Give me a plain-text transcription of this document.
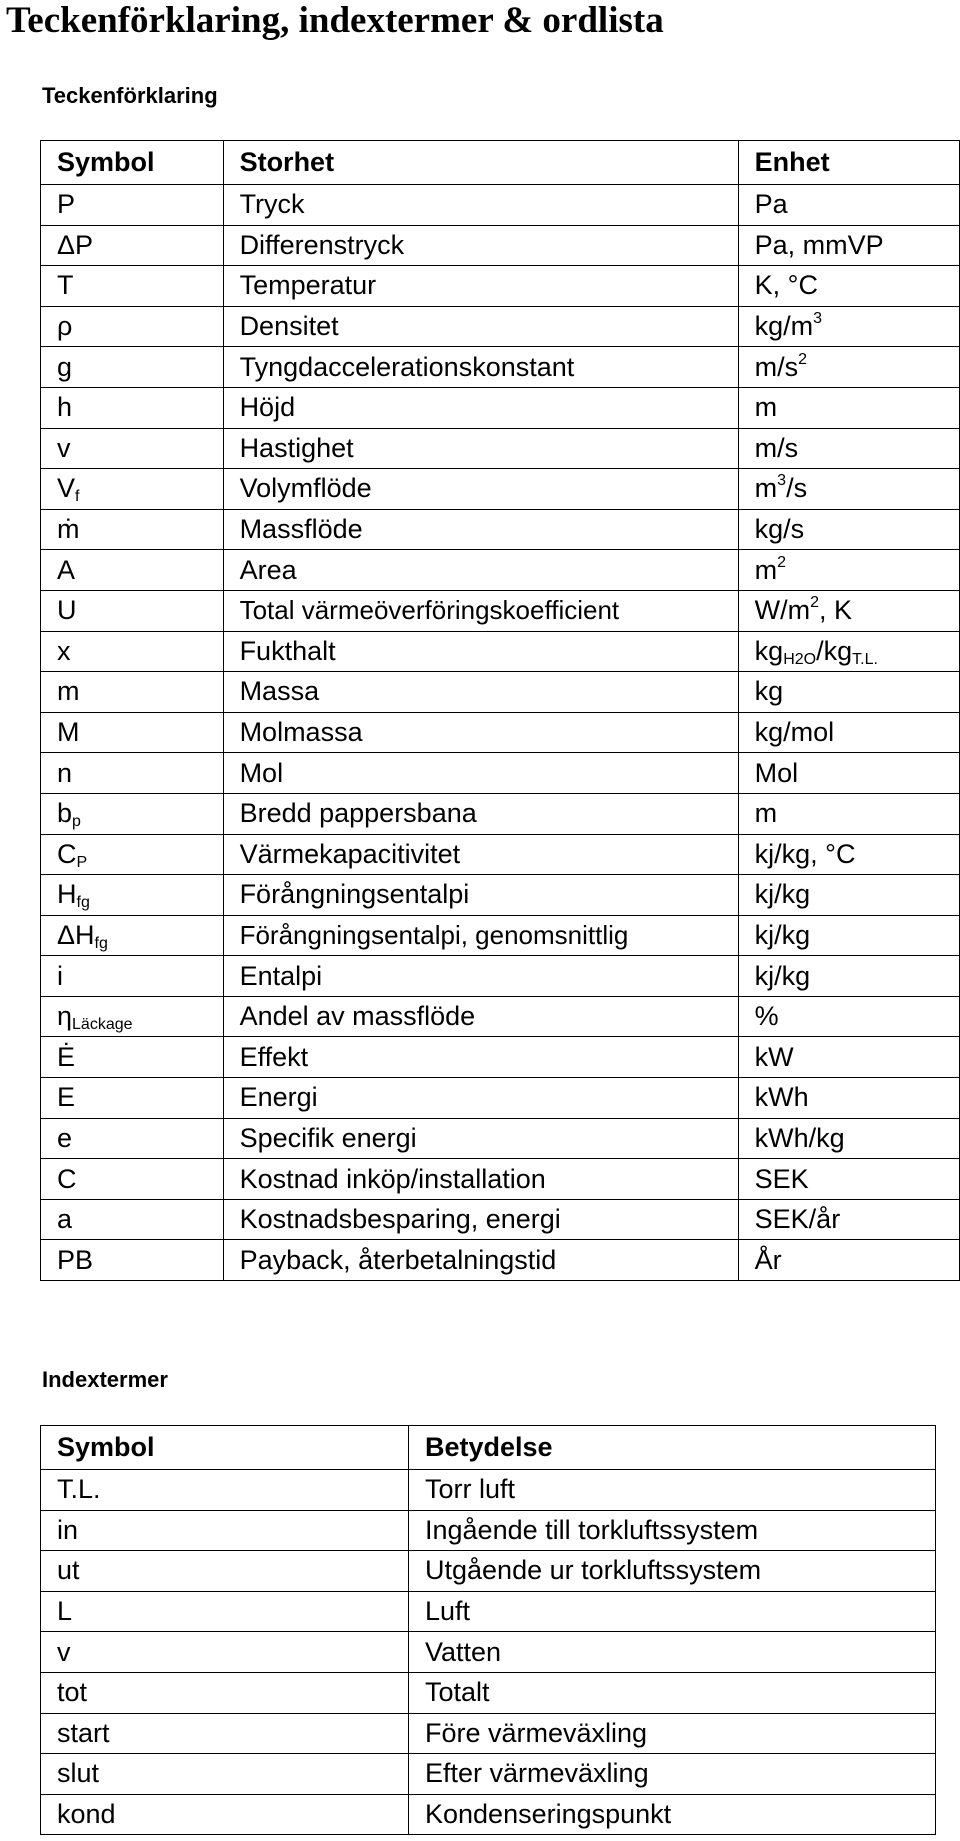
Teckenförklaring, indextermer & ordlista
Teckenförklaring
Symbol	Storhet	Enhet
P	Tryck	Pa
ΔP	Differenstryck	Pa, mmVP
T	Temperatur	K, °C
ρ	Densitet	$kg/m^3$
g	Tyngdaccelerationskonstant	$m/s^2$
h	Höjd	m
v	Hastighet	m/s
$V_f$	Volymflöde	$m^3/s$
ṁ	Massflöde	kg/s
A	Area	$m^2$
U	Total värmeöverföringskoefficient	$W/m^2$, K
x	Fukthalt	$kg_{H2O}/kg_{T.L.}$
m	Massa	kg
M	Molmassa	kg/mol
n	Mol	Mol
$b_p$	Bredd pappersbana	m
$C_P$	Värmekapacitivitet	kj/kg, °C
$H_{fg}$	Förångningsentalpi	kj/kg
$\Delta H_{fg}$	Förångningsentalpi, genomsnittlig	kj/kg
i	Entalpi	kj/kg
$\eta_{Läckage}$	Andel av massflöde	%
Ė	Effekt	kW
E	Energi	kWh
e	Specifik energi	kWh/kg
C	Kostnad inköp/installation	SEK
a	Kostnadsbesparing, energi	SEK/år
PB	Payback, återbetalningstid	År
Indextermer
Symbol	Betydelse
T.L.	Torr luft
in	Ingående till torkluftssystem
ut	Utgående ur torkluftssystem
L	Luft
v	Vatten
tot	Totalt
start	Före värmeväxling
slut	Efter värmeväxling
kond	Kondenseringspunkt
